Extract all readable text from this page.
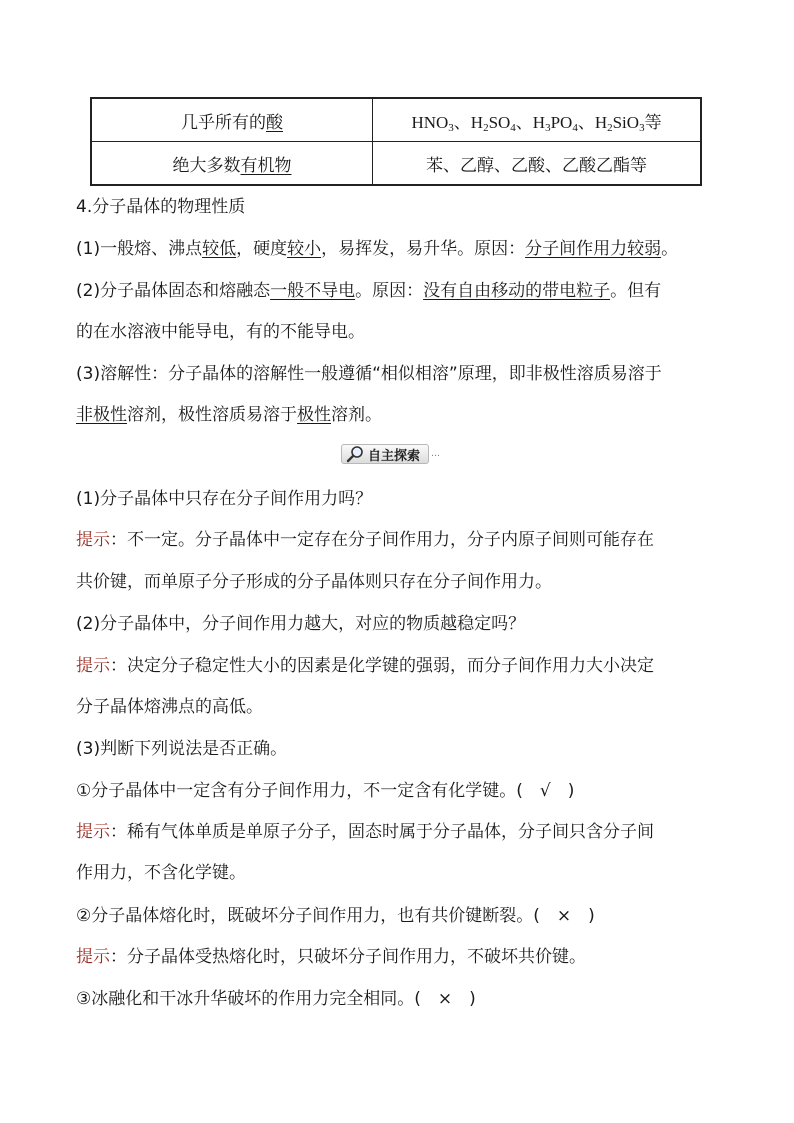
几乎所有的酸	$HNO_3$、$H_2SO_4$、$H_3PO_4$、$H_2SiO_3$等
绝大多数有机物	苯、乙醇、乙酸、乙酸乙酯等
4.分子晶体的物理性质
(1)一般熔、沸点较低，硬度较小，易挥发，易升华。原因：分子间作用力较弱。
(2)分子晶体固态和熔融态一般不导电。原因：没有自由移动的带电粒子。但有
的在水溶液中能导电，有的不能导电。
(3)溶解性：分子晶体的溶解性一般遵循“相似相溶”原理，即非极性溶质易溶于
非极性溶剂，极性溶质易溶于极性溶剂。
自主探索 …
(1)分子晶体中只存在分子间作用力吗？
提示：不一定。分子晶体中一定存在分子间作用力，分子内原子间则可能存在
共价键，而单原子分子形成的分子晶体则只存在分子间作用力。
(2)分子晶体中，分子间作用力越大，对应的物质越稳定吗？
提示：决定分子稳定性大小的因素是化学键的强弱，而分子间作用力大小决定
分子晶体熔沸点的高低。
(3)判断下列说法是否正确。
①分子晶体中一定含有分子间作用力，不一定含有化学键。(　√　)
提示：稀有气体单质是单原子分子，固态时属于分子晶体，分子间只含分子间
作用力，不含化学键。
②分子晶体熔化时，既破坏分子间作用力，也有共价键断裂。(　×　)
提示：分子晶体受热熔化时，只破坏分子间作用力，不破坏共价键。
③冰融化和干冰升华破坏的作用力完全相同。(　×　)
